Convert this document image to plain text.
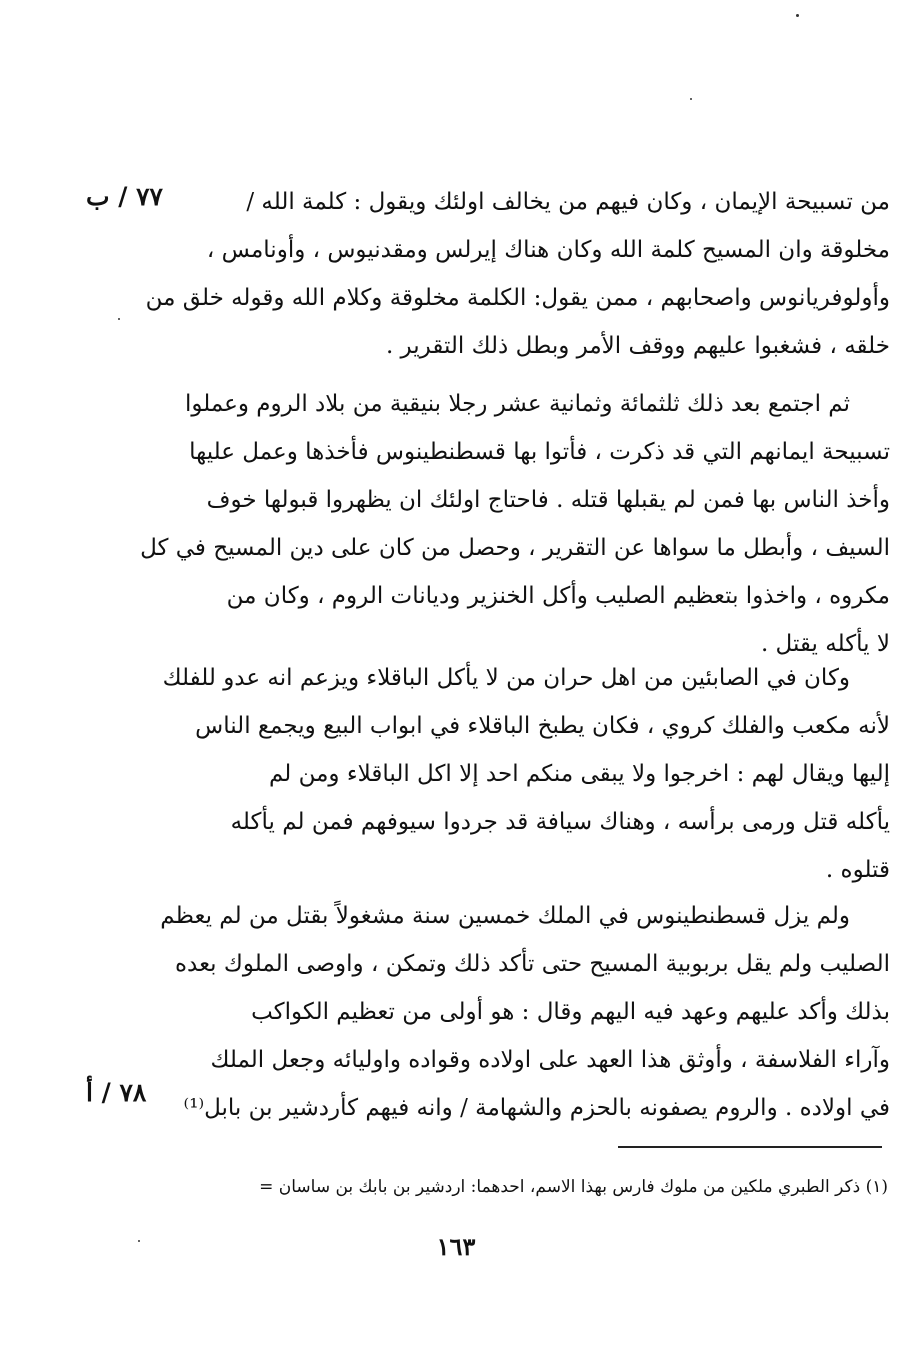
٧٧ / ب
٧٨ / أ
من تسبيحة الإيمان ، وكان فيهم من يخالف اولئك ويقول : كلمة الله /
مخلوقة وان المسيح كلمة الله وكان هناك إيرلس ومقدنيوس ، وأونامس ،
وأولوفريانوس واصحابهم ، ممن يقول: الكلمة مخلوقة وكلام الله وقوله خلق من
خلقه ، فشغبوا عليهم ووقف الأمر وبطل ذلك التقرير .
ثم اجتمع بعد ذلك ثلثمائة وثمانية عشر رجلا بنيقية من بلاد الروم وعملوا
تسبيحة ايمانهم التي قد ذكرت ، فأتوا بها قسطنطينوس فأخذها وعمل عليها
وأخذ الناس بها فمن لم يقبلها قتله . فاحتاج اولئك ان يظهروا قبولها خوف
السيف ، وأبطل ما سواها عن التقرير ، وحصل من كان على دين المسيح في كل
مكروه ، واخذوا بتعظيم الصليب وأكل الخنزير وديانات الروم ، وكان من
لا يأكله يقتل .
وكان في الصابئين من اهل حران من لا يأكل الباقلاء ويزعم انه عدو للفلك
لأنه مكعب والفلك كروي ، فكان يطبخ الباقلاء في ابواب البيع ويجمع الناس
إليها ويقال لهم : اخرجوا ولا يبقى منكم احد إلا اكل الباقلاء ومن لم
يأكله قتل ورمى برأسه ، وهناك سيافة قد جردوا سيوفهم فمن لم يأكله
قتلوه .
ولم يزل قسطنطينوس في الملك خمسين سنة مشغولاً بقتل من لم يعظم
الصليب ولم يقل بربوبية المسيح حتى تأكد ذلك وتمكن ، واوصى الملوك بعده
بذلك وأكد عليهم وعهد فيه اليهم وقال : هو أولى من تعظيم الكواكب
وآراء الفلاسفة ، وأوثق هذا العهد على اولاده وقواده واوليائه وجعل الملك
في اولاده . والروم يصفونه بالحزم والشهامة / وانه فيهم كأردشير بن بابل⁽¹⁾
(١) ذكر الطبري ملكين من ملوك فارس بهذا الاسم، احدهما: اردشير بن بابك بن ساسان =
١٦٣
